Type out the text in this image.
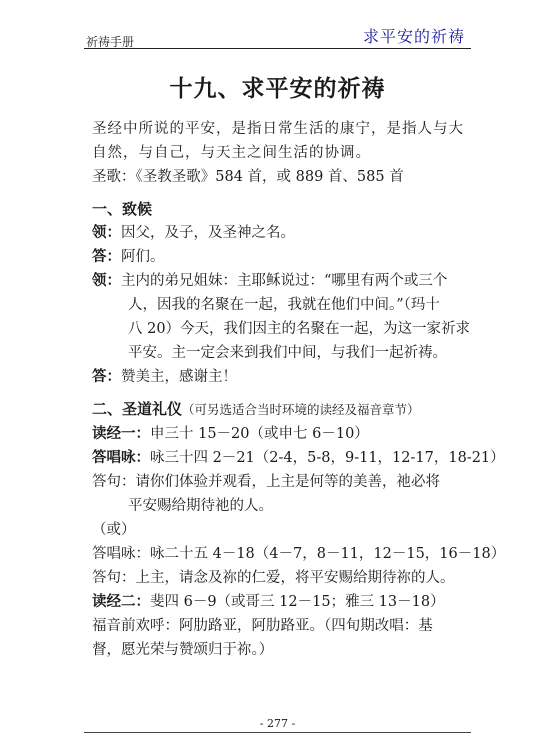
祈祷手册	求平安的祈祷
十九、求平安的祈祷
圣经中所说的平安，是指日常生活的康宁，是指人与大
自然，与自己，与天主之间生活的协调。
圣歌：《圣教圣歌》584 首，或 889 首、585 首
一、致候
领：因父，及子，及圣神之名。
答：阿们。
领：主内的弟兄姐妹：主耶稣说过：“哪里有两个或三个
人，因我的名聚在一起，我就在他们中间。”（玛十
八 20）今天，我们因主的名聚在一起，为这一家祈求
平安。主一定会来到我们中间，与我们一起祈祷。
答：赞美主，感谢主！
二、圣道礼仪（可另选适合当时环境的读经及福音章节）
读经一：申三十 15－20（或申七 6－10）
答唱咏：咏三十四 2－21（2-4，5-8，9-11，12-17，18-21）
答句：请你们体验并观看，上主是何等的美善，祂必将
平安赐给期待祂的人。
（或）
答唱咏：咏二十五 4－18（4－7，8－11，12－15，16－18）
答句：上主，请念及祢的仁爱，将平安赐给期待祢的人。
读经二：斐四 6－9（或哥三 12－15；雅三 13－18）
福音前欢呼：阿肋路亚，阿肋路亚。（四旬期改唱：基
督，愿光荣与赞颂归于祢。）
- 277 -
